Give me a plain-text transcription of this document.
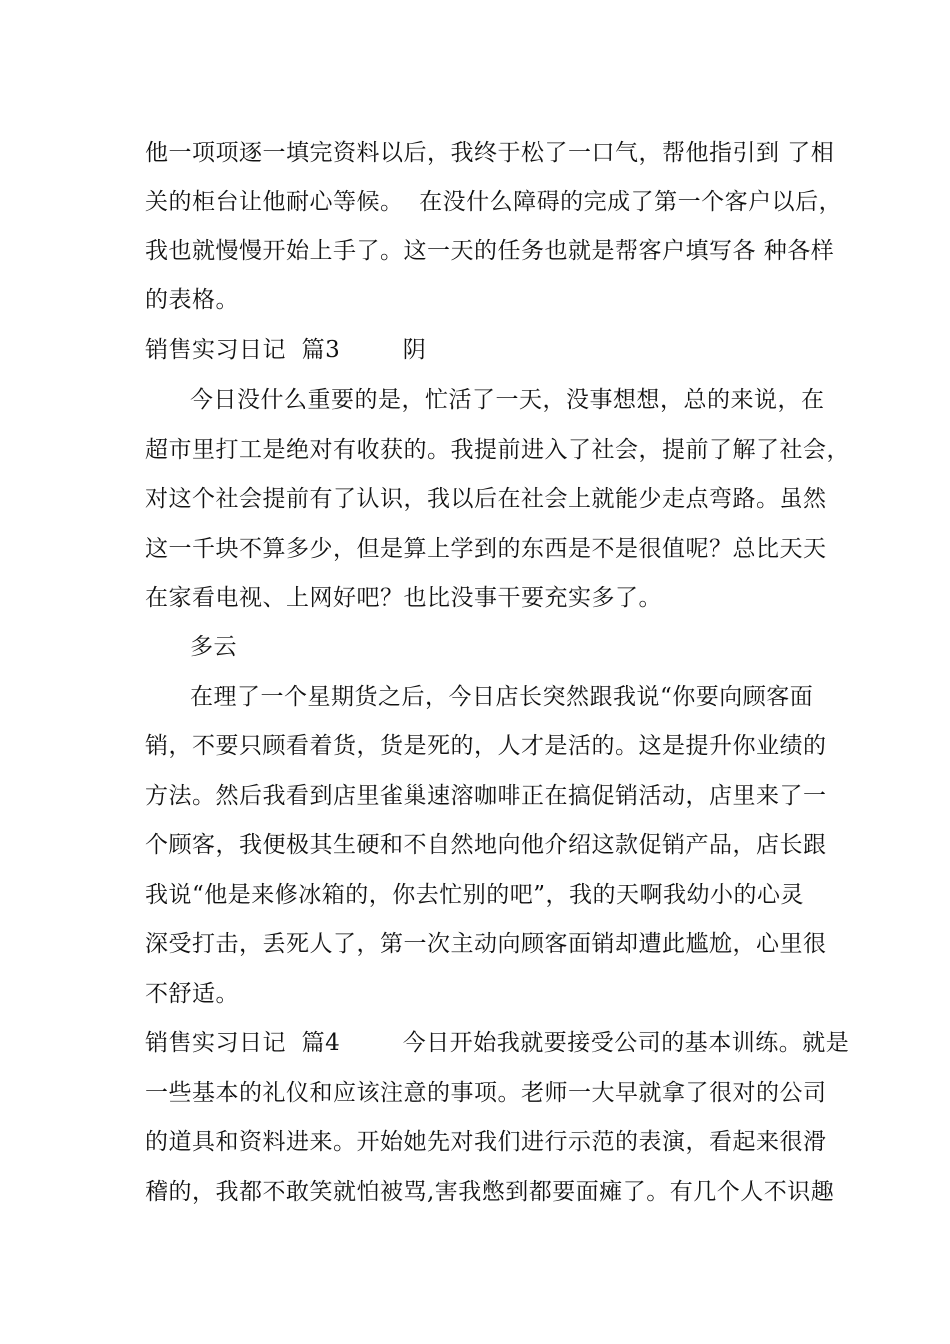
他一项项逐一填完资料以后，我终于松了一口气，帮他指引到 了相
关的柜台让他耐心等候。  在没什么障碍的完成了第一个客户以后，
我也就慢慢开始上手了。这一天的任务也就是帮客户填写各 种各样
的表格。
销售实习日记  篇3        阴
今日没什么重要的是，忙活了一天，没事想想，总的来说，在
超市里打工是绝对有收获的。我提前进入了社会，提前了解了社会，
对这个社会提前有了认识，我以后在社会上就能少走点弯路。虽然
这一千块不算多少，但是算上学到的东西是不是很值呢？总比天天
在家看电视、上网好吧？也比没事干要充实多了。
多云
在理了一个星期货之后，今日店长突然跟我说“你要向顾客面
销，不要只顾看着货，货是死的，人才是活的。这是提升你业绩的
方法。然后我看到店里雀巢速溶咖啡正在搞促销活动，店里来了一
个顾客，我便极其生硬和不自然地向他介绍这款促销产品，店长跟
我说“他是来修冰箱的，你去忙别的吧”，我的天啊我幼小的心灵
深受打击，丢死人了，第一次主动向顾客面销却遭此尴尬，心里很
不舒适。
销售实习日记  篇4        今日开始我就要接受公司的基本训练。就是
一些基本的礼仪和应该注意的事项。老师一大早就拿了很对的公司
的道具和资料进来。开始她先对我们进行示范的表演，看起来很滑
稽的，我都不敢笑就怕被骂,害我憋到都要面瘫了。有几个人不识趣
